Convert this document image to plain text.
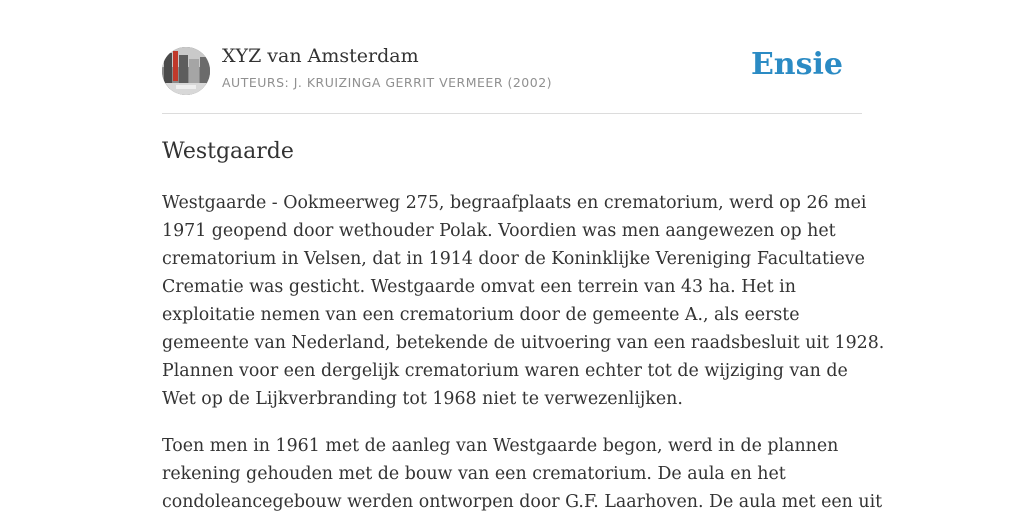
XYZ van Amsterdam
AUTEURS: J. KRUIZINGA GERRIT VERMEER (2002)
Ensie
Westgaarde

Westgaarde - Ookmeerweg 275, begraafplaats en crematorium, werd op 26 mei
1971 geopend door wethouder Polak. Voordien was men aangewezen op het
crematorium in Velsen, dat in 1914 door de Koninklijke Vereniging Facultatieve
Crematie was gesticht. Westgaarde omvat een terrein van 43 ha. Het in
exploitatie nemen van een crematorium door de gemeente A., als eerste
gemeente van Nederland, betekende de uitvoering van een raadsbesluit uit 1928.
Plannen voor een dergelijk crematorium waren echter tot de wijziging van de
Wet op de Lijkverbranding tot 1968 niet te verwezenlijken.

Toen men in 1961 met de aanleg van Westgaarde begon, werd in de plannen
rekening gehouden met de bouw van een crematorium. De aula en het
condoleancegebouw werden ontworpen door G.F. Laarhoven. De aula met een uit
